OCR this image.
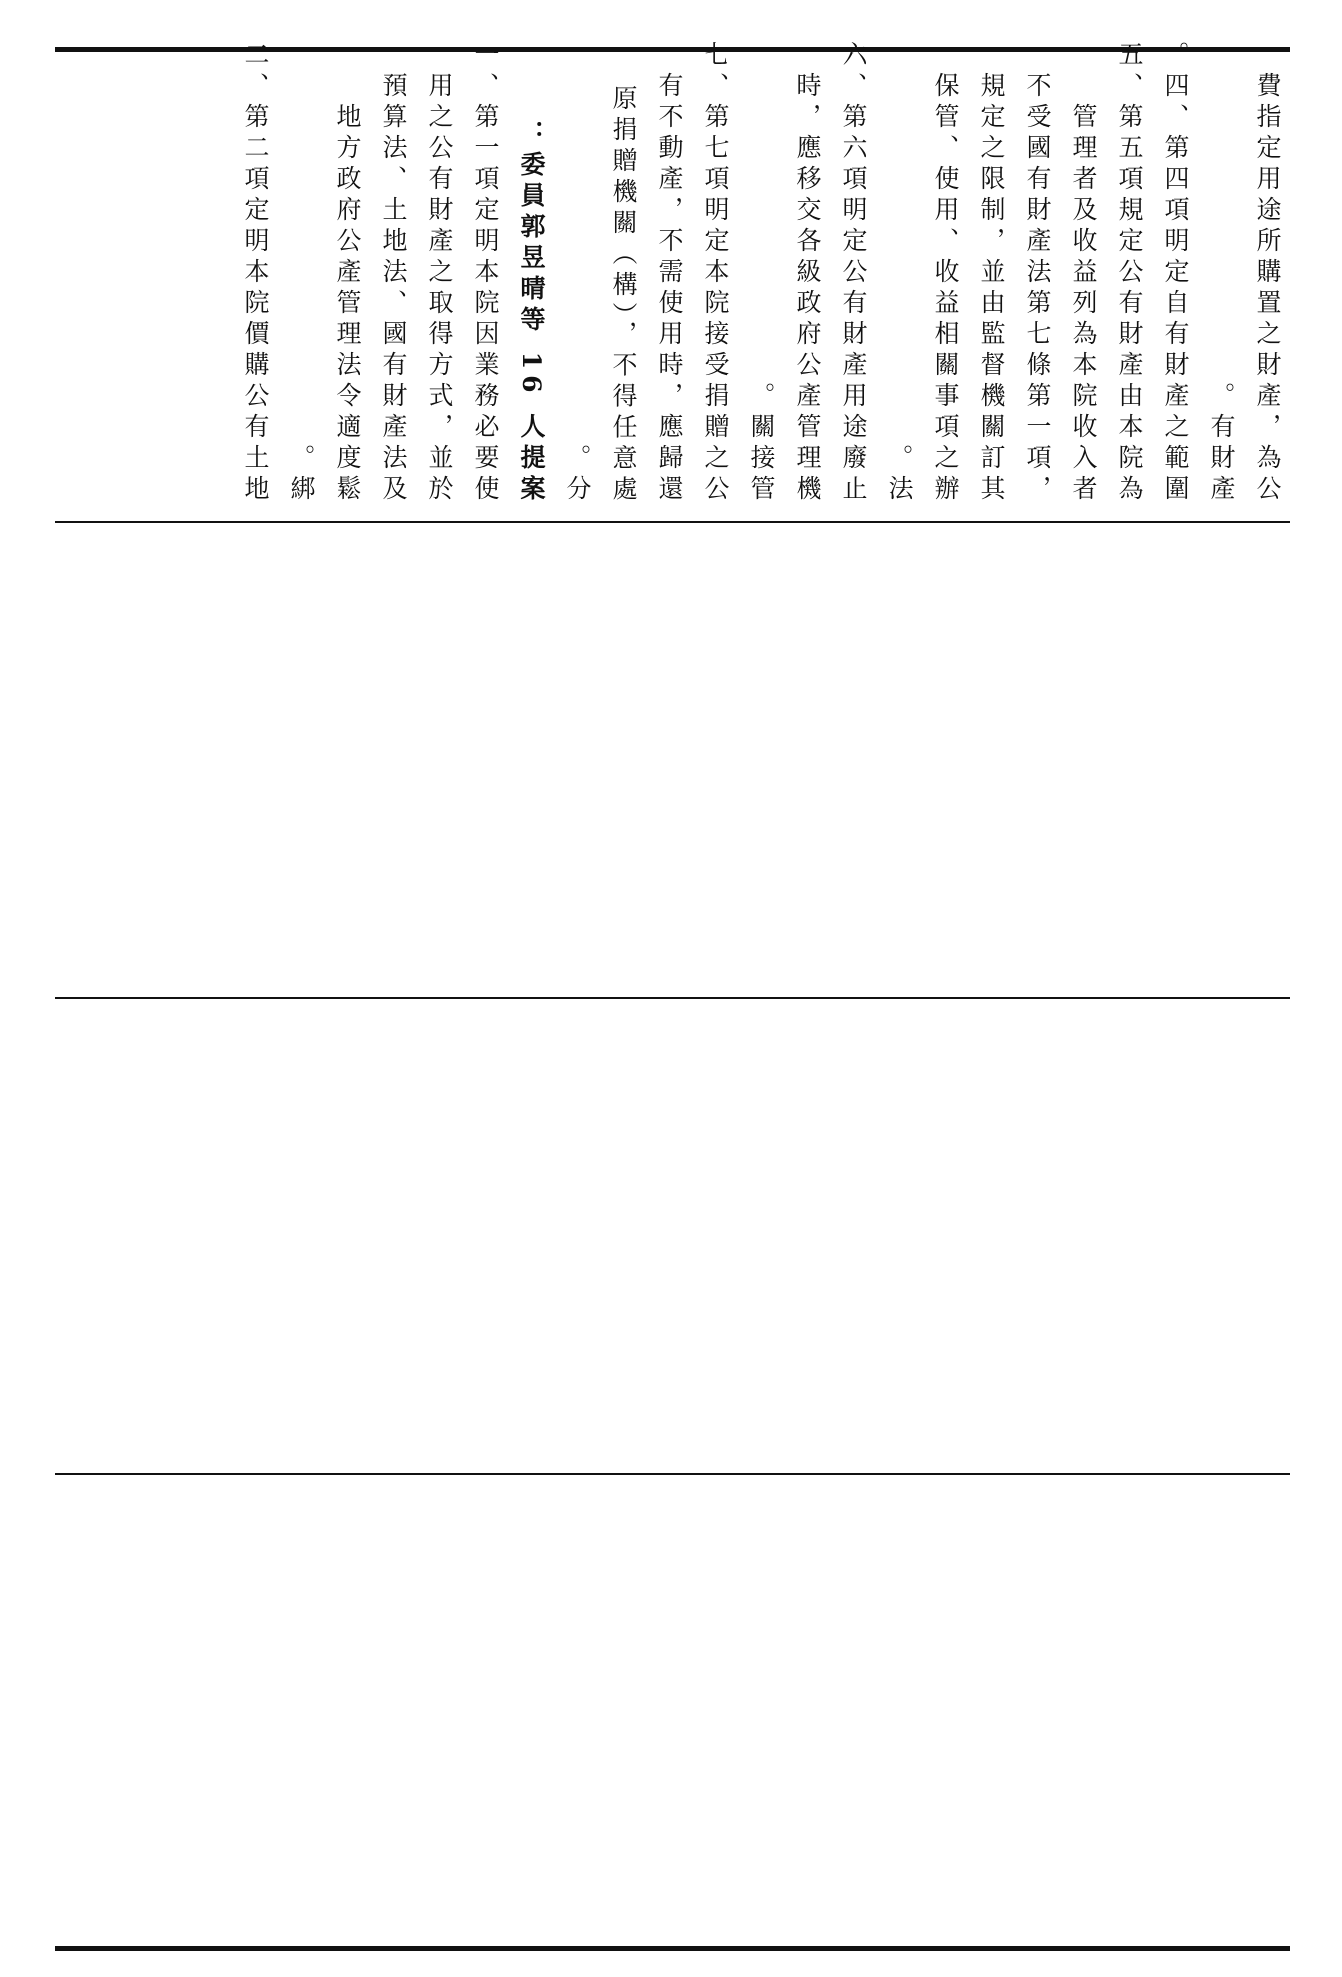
費指定用途所購置之財產，為公
有財產。
四、第四項明定自有財產之範圍。
五、第五項規定公有財產由本院為
管理者及收益列為本院收入者
，不受國有財產法第七條第一項
規定之限制，並由監督機關訂其
保管、使用、收益相關事項之辦
法。
六、第六項明定公有財產用途廢止
時，應移交各級政府公產管理機
關接管。
七、第七項明定本院接受捐贈之公
有不動產，不需使用時，應歸還
原捐贈機關（構），不得任意處
分。
委員郭昱晴等 16 人提案：
一、第一項定明本院因業務必要使
用之公有財產之取得方式，並於
預算法、土地法、國有財產法及
地方政府公產管理法令適度鬆
綁。
二、第二項定明本院價購公有土地
